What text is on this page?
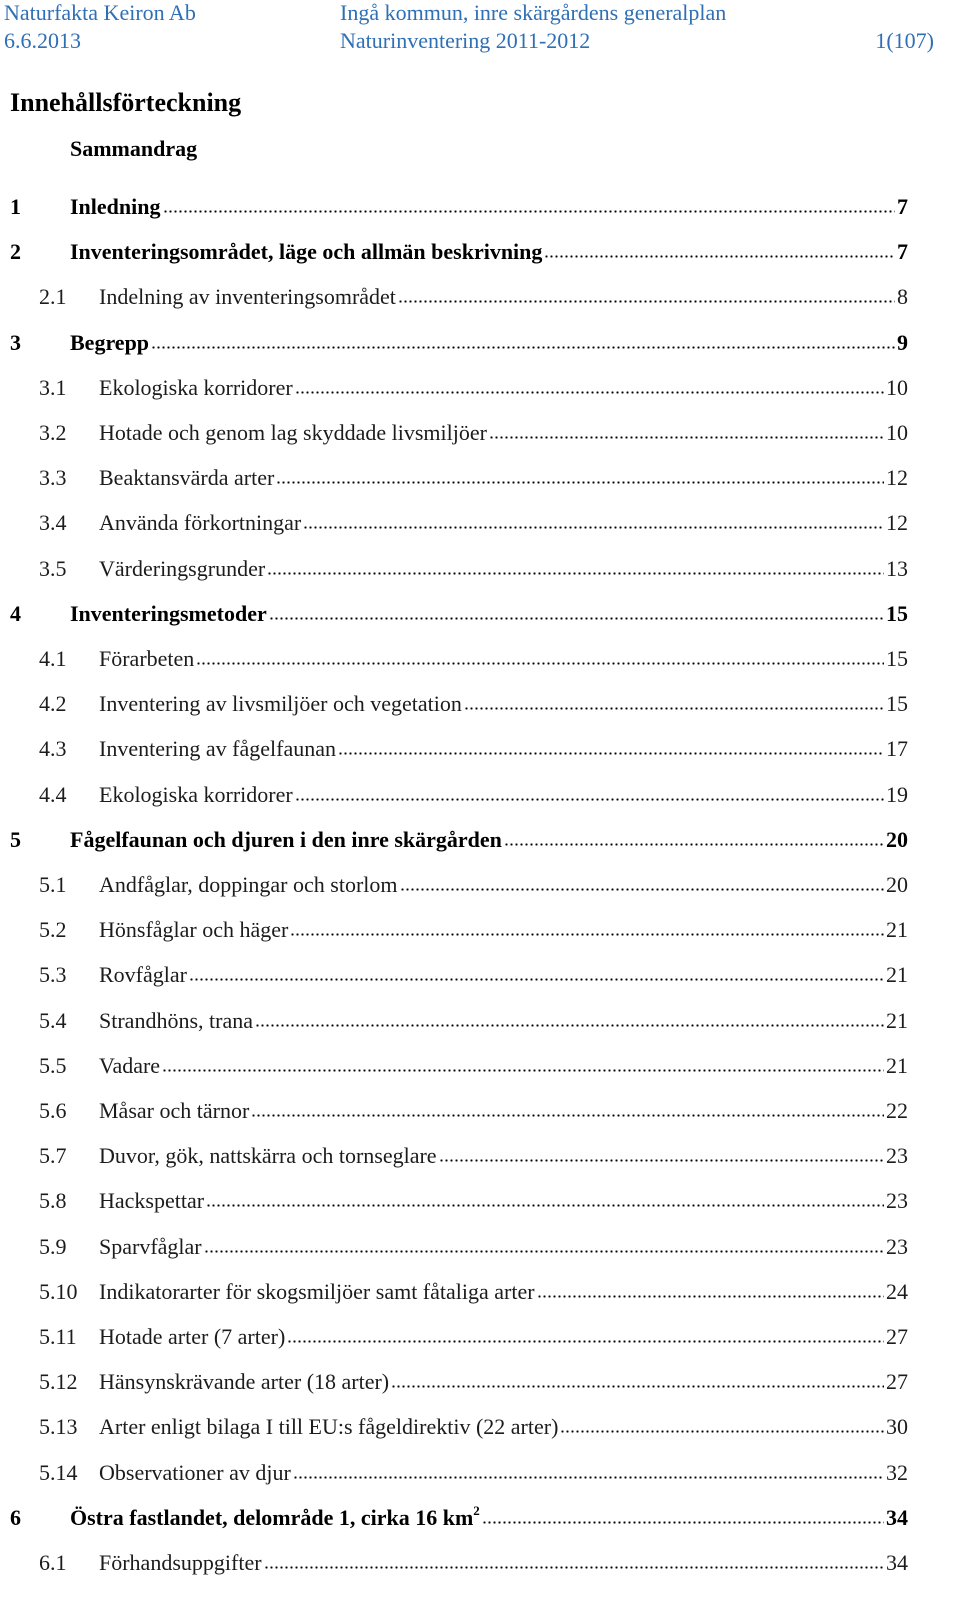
Naturfakta Keiron Ab
6.6.2013
Ingå kommun, inre skärgårdens generalplan
Naturinventering 2011-2012	1(107)
Innehållsförteckning
Sammandrag
1 Inledning	7
2 Inventeringsområdet, läge och allmän beskrivning	7
2.1 Indelning av inventeringsområdet	8
3 Begrepp	9
3.1 Ekologiska korridorer	10
3.2 Hotade och genom lag skyddade livsmiljöer	10
3.3 Beaktansvärda arter	12
3.4 Använda förkortningar	12
3.5 Värderingsgrunder	13
4 Inventeringsmetoder	15
4.1 Förarbeten	15
4.2 Inventering av livsmiljöer och vegetation	15
4.3 Inventering av fågelfaunan	17
4.4 Ekologiska korridorer	19
5 Fågelfaunan och djuren i den inre skärgården	20
5.1 Andfåglar, doppingar och storlom	20
5.2 Hönsfåglar och häger	21
5.3 Rovfåglar	21
5.4 Strandhöns, trana	21
5.5 Vadare	21
5.6 Måsar och tärnor	22
5.7 Duvor, gök, nattskärra och tornseglare	23
5.8 Hackspettar	23
5.9 Sparvfåglar	23
5.10 Indikatorarter för skogsmiljöer samt fåtaliga arter	24
5.11 Hotade arter (7 arter)	27
5.12 Hänsynskrävande arter (18 arter)	27
5.13 Arter enligt bilaga I till EU:s fågeldirektiv (22 arter)	30
5.14 Observationer av djur	32
6 Östra fastlandet, delområde 1, cirka 16 $km^2$	34
6.1 Förhandsuppgifter	34
